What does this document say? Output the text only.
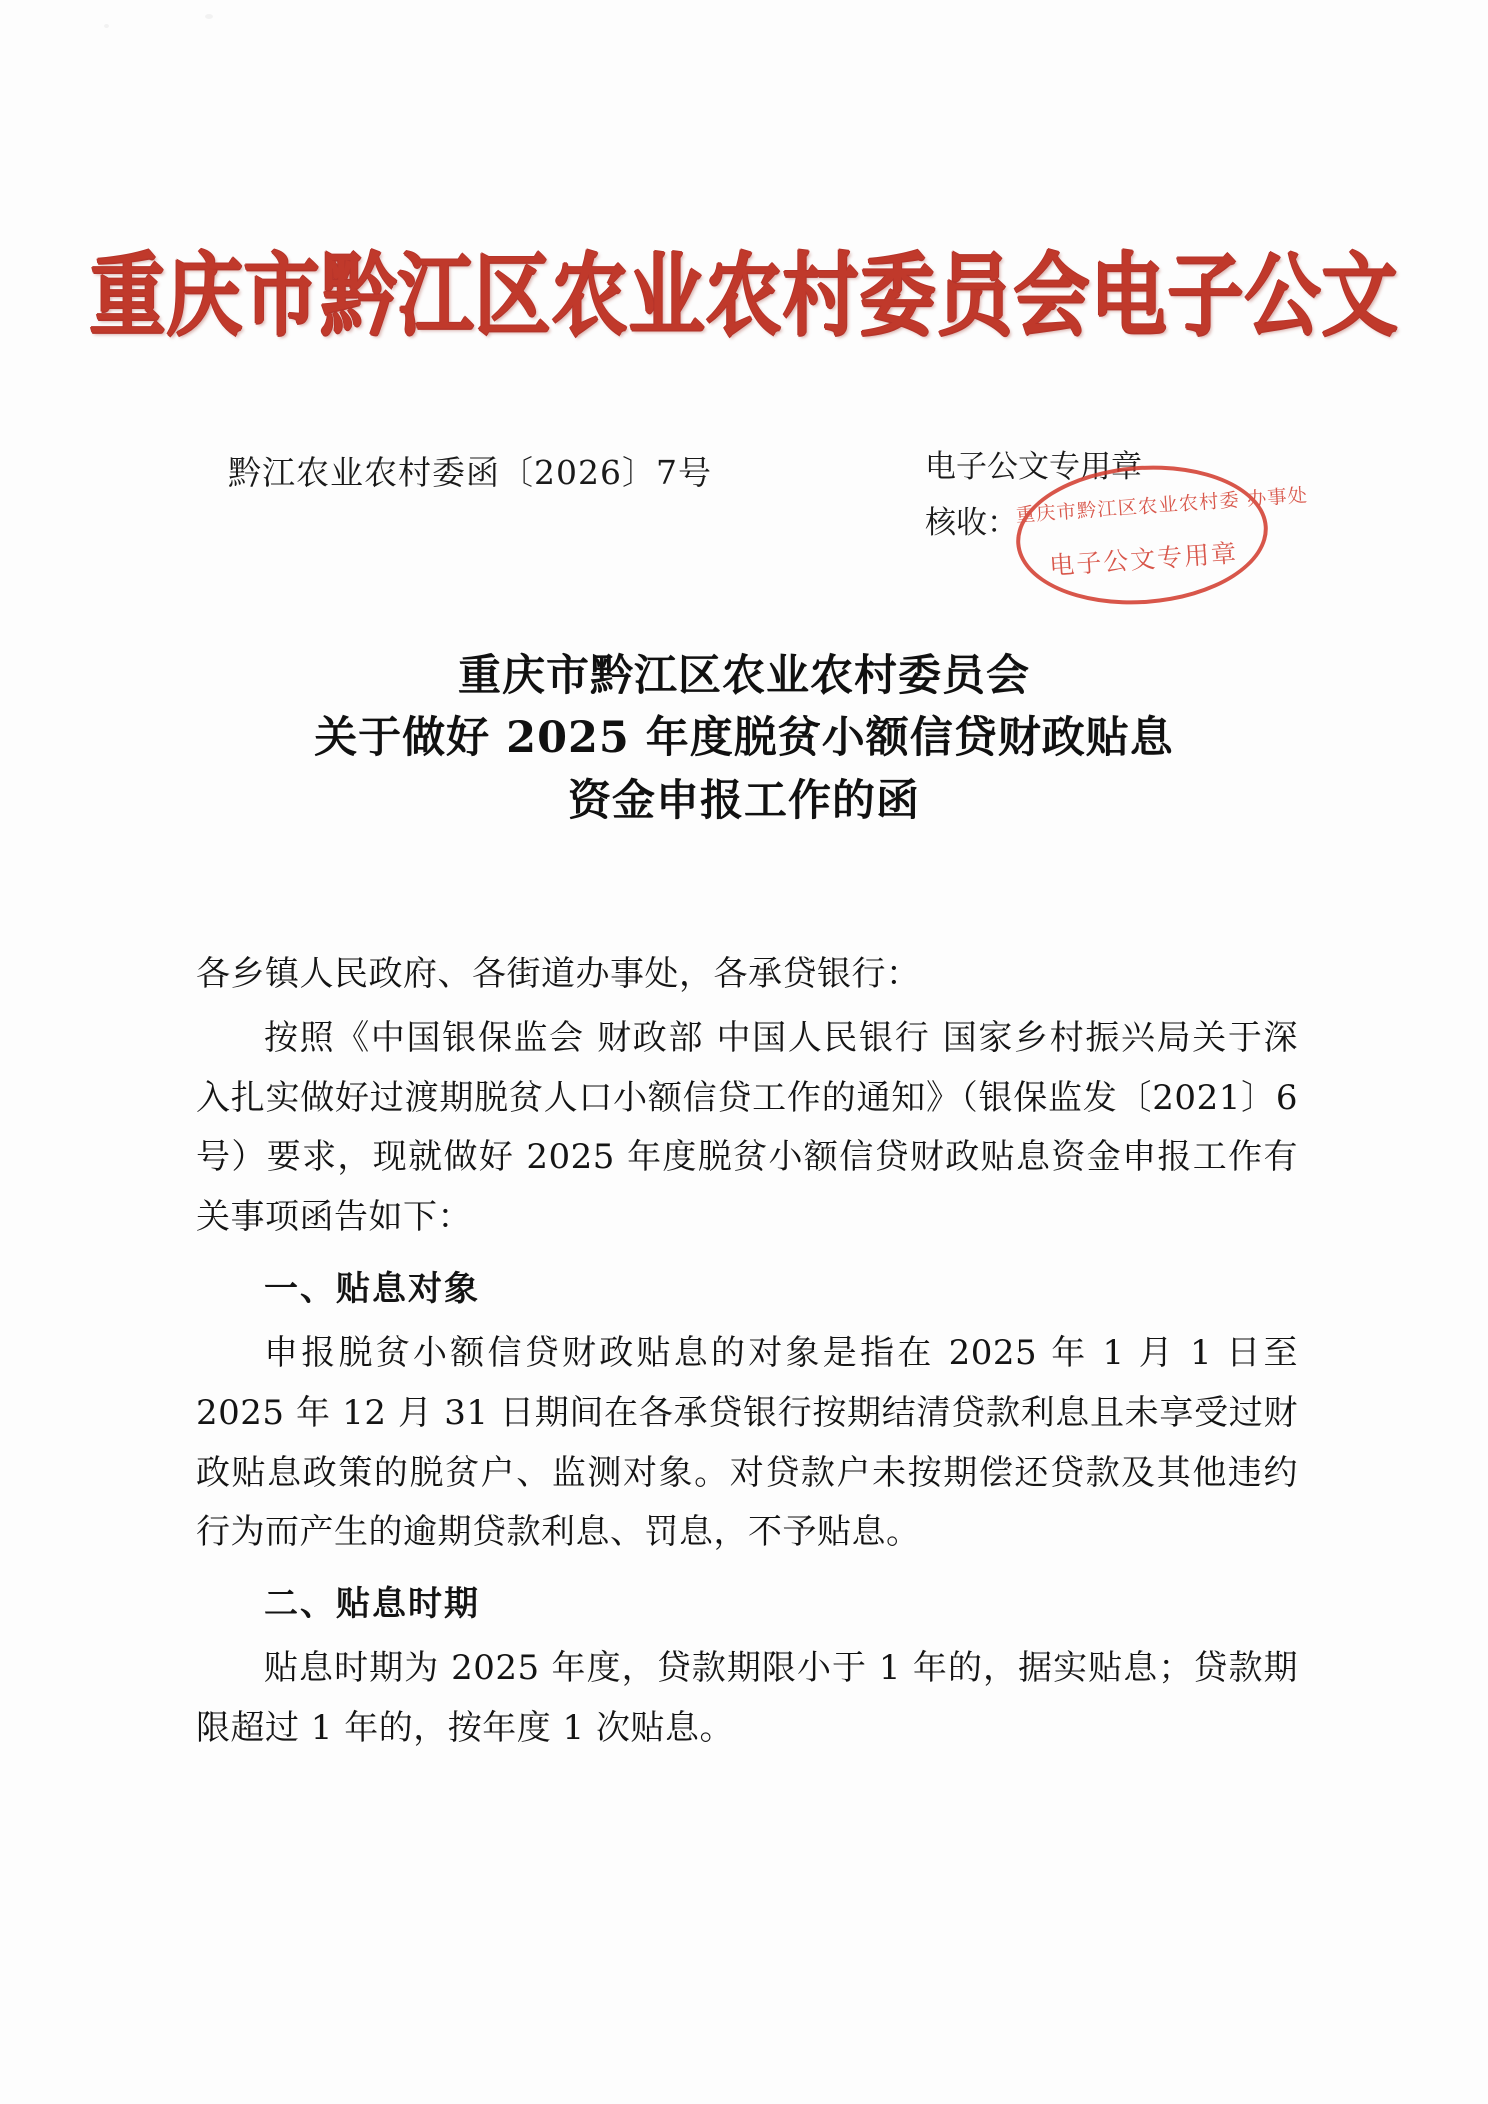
重庆市黔江区农业农村委员会电子公文
黔江农业农村委函〔2026〕7号	电子公文专用章
核收：
重庆市黔江区农业农村委 办事处
电子公文专用章
重庆市黔江区农业农村委员会
关于做好 2025 年度脱贫小额信贷财政贴息
资金申报工作的函

各乡镇人民政府、各街道办事处，各承贷银行：

按照《中国银保监会 财政部 中国人民银行 国家乡村振兴局关于深入扎实做好过渡期脱贫人口小额信贷工作的通知》（银保监发〔2021〕6 号）要求，现就做好 2025 年度脱贫小额信贷财政贴息资金申报工作有关事项函告如下：

一、贴息对象

申报脱贫小额信贷财政贴息的对象是指在 2025 年 1 月 1 日至 2025 年 12 月 31 日期间在各承贷银行按期结清贷款利息且未享受过财政贴息政策的脱贫户、监测对象。对贷款户未按期偿还贷款及其他违约行为而产生的逾期贷款利息、罚息，不予贴息。

二、贴息时期

贴息时期为 2025 年度，贷款期限小于 1 年的，据实贴息；贷款期限超过 1 年的，按年度 1 次贴息。
